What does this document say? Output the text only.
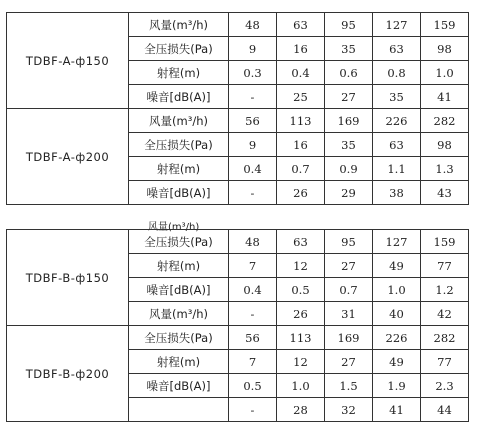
TDBF-A-ф150	风量(m³/h)	48	63	95	127	159
	全压损失(Pa)	9	16	35	63	98
	射程(m)	0.3	0.4	0.6	0.8	1.0
	噪音[dB(A)]	-	25	27	35	41
TDBF-A-ф200	风量(m³/h)	56	113	169	226	282
	全压损失(Pa)	9	16	35	63	98
	射程(m)	0.4	0.7	0.9	1.1	1.3
	噪音[dB(A)]	-	26	29	38	43
风量(m³/h)
TDBF-B-ф150	全压损失(Pa)	48	63	95	127	159
	射程(m)	7	12	27	49	77
	噪音[dB(A)]	0.4	0.5	0.7	1.0	1.2
	风量(m³/h)	-	26	31	40	42
TDBF-B-ф200	全压损失(Pa)	56	113	169	226	282
	射程(m)	7	12	27	49	77
	噪音[dB(A)]	0.5	1.0	1.5	1.9	2.3
		-	28	32	41	44
